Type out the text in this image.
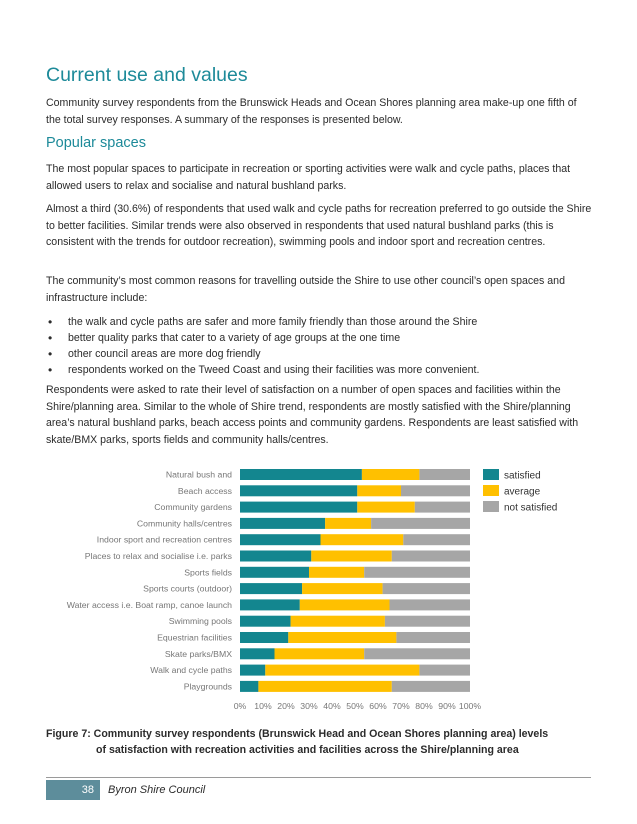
Current use and values

Community survey respondents from the Brunswick Heads and Ocean Shores planning area make-up one fifth of the total survey responses. A summary of the responses is presented below.

Popular spaces

The most popular spaces to participate in recreation or sporting activities were walk and cycle paths, places that allowed users to relax and socialise and natural bushland parks.

Almost a third (30.6%) of respondents that used walk and cycle paths for recreation preferred to go outside the Shire to better facilities. Similar trends were also observed in respondents that used natural bushland parks (this is consistent with the trends for outdoor recreation), swimming pools and indoor sport and recreation centres.

The community’s most common reasons for travelling outside the Shire to use other council’s open spaces and infrastructure include:

• the walk and cycle paths are safer and more family friendly than those around the Shire
• better quality parks that cater to a variety of age groups at the one time
• other council areas are more dog friendly
• respondents worked on the Tweed Coast and using their facilities was more convenient.

Respondents were asked to rate their level of satisfaction on a number of open spaces and facilities within the Shire/planning area. Similar to the whole of Shire trend, respondents are mostly satisfied with the Shire/planning area’s natural bushland parks, beach access points and community gardens. Respondents are least satisfied with skate/BMX parks, sports fields and community halls/centres.

Natural bush and
Beach access
Community gardens
Community halls/centres
Indoor sport and recreation centres
Places to relax and socialise i.e. parks
Sports fields
Sports courts (outdoor)
Water access i.e. Boat ramp, canoe launch
Swimming pools
Equestrian facilities
Skate parks/BMX
Walk and cycle paths
Playgrounds
0% 10% 20% 30% 40% 50% 60% 70% 80% 90% 100%
satisfied
average
not satisfied
Figure 7: Community survey respondents (Brunswick Head and Ocean Shores planning area) levels
of satisfaction with recreation activities and facilities across the Shire/planning area
38	Byron Shire Council
